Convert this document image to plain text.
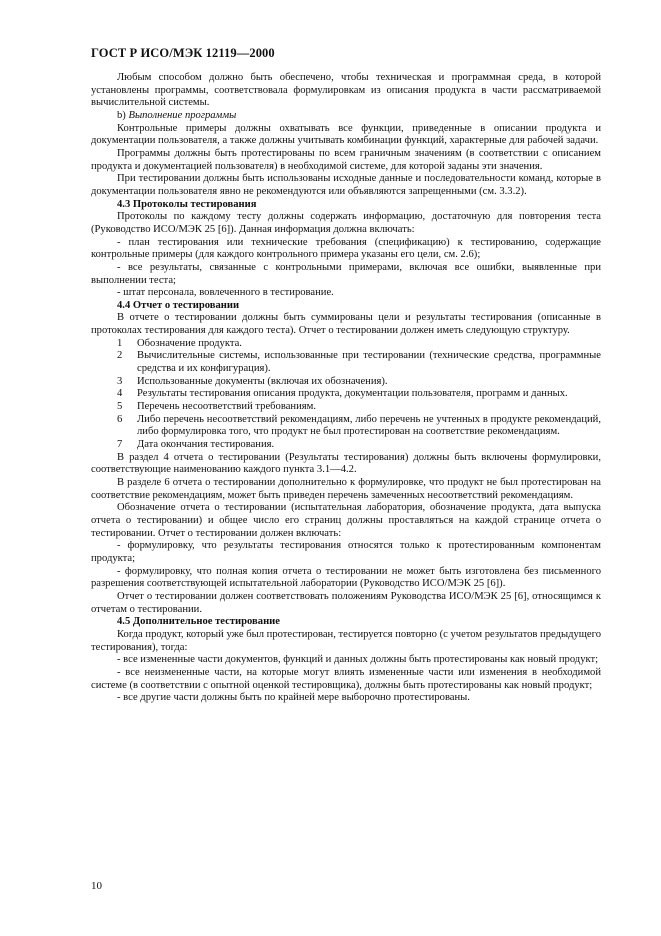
ГОСТ Р ИСО/МЭК 12119—2000

Любым способом должно быть обеспечено, чтобы техническая и программная среда, в которой установлены программы, соответствовала формулировкам из описания продукта в части рассматриваемой вычислительной системы.

b) Выполнение программы

Контрольные примеры должны охватывать все функции, приведенные в описании продукта и документации пользователя, а также должны учитывать комбинации функций, характерные для рабочей задачи.

Программы должны быть протестированы по всем граничным значениям (в соответствии с описанием продукта и документацией пользователя) в необходимой системе, для которой заданы эти значения.

При тестировании должны быть использованы исходные данные и последовательности команд, которые в документации пользователя явно не рекомендуются или объявляются запрещенными (см. 3.3.2).

4.3 Протоколы тестирования

Протоколы по каждому тесту должны содержать информацию, достаточную для повторения теста (Руководство ИСО/МЭК 25 [6]). Данная информация должна включать:

- план тестирования или технические требования (спецификацию) к тестированию, содержащие контрольные примеры (для каждого контрольного примера указаны его цели, см. 2.6);

- все результаты, связанные с контрольными примерами, включая все ошибки, выявленные при выполнении теста;

- штат персонала, вовлеченного в тестирование.

4.4 Отчет о тестировании

В отчете о тестировании должны быть суммированы цели и результаты тестирования (описанные в протоколах тестирования для каждого теста). Отчет о тестировании должен иметь следующую структуру.

1 Обозначение продукта.
2 Вычислительные системы, использованные при тестировании (технические средства, программные средства и их конфигурация).
3 Использованные документы (включая их обозначения).
4 Результаты тестирования описания продукта, документации пользователя, программ и данных.
5 Перечень несоответствий требованиям.
6 Либо перечень несоответствий рекомендациям, либо перечень не учтенных в продукте рекомендаций, либо формулировка того, что продукт не был протестирован на соответствие рекомендациям.
7 Дата окончания тестирования.

В раздел 4 отчета о тестировании (Результаты тестирования) должны быть включены формулировки, соответствующие наименованию каждого пункта 3.1—4.2.

В разделе 6 отчета о тестировании дополнительно к формулировке, что продукт не был протестирован на соответствие рекомендациям, может быть приведен перечень замеченных несоответствий рекомендациям.

Обозначение отчета о тестировании (испытательная лаборатория, обозначение продукта, дата выпуска отчета о тестировании) и общее число его страниц должны проставляться на каждой странице отчета о тестировании. Отчет о тестировании должен включать:

- формулировку, что результаты тестирования относятся только к протестированным компонентам продукта;

- формулировку, что полная копия отчета о тестировании не может быть изготовлена без письменного разрешения соответствующей испытательной лаборатории (Руководство ИСО/МЭК 25 [6]).

Отчет о тестировании должен соответствовать положениям Руководства ИСО/МЭК 25 [6], относящимся к отчетам о тестировании.

4.5 Дополнительное тестирование

Когда продукт, который уже был протестирован, тестируется повторно (с учетом результатов предыдущего тестирования), тогда:

- все измененные части документов, функций и данных должны быть протестированы как новый продукт;

- все неизмененные части, на которые могут влиять измененные части или изменения в необходимой системе (в соответствии с опытной оценкой тестировщика), должны быть протестированы как новый продукт;

- все другие части должны быть по крайней мере выборочно протестированы.

10
